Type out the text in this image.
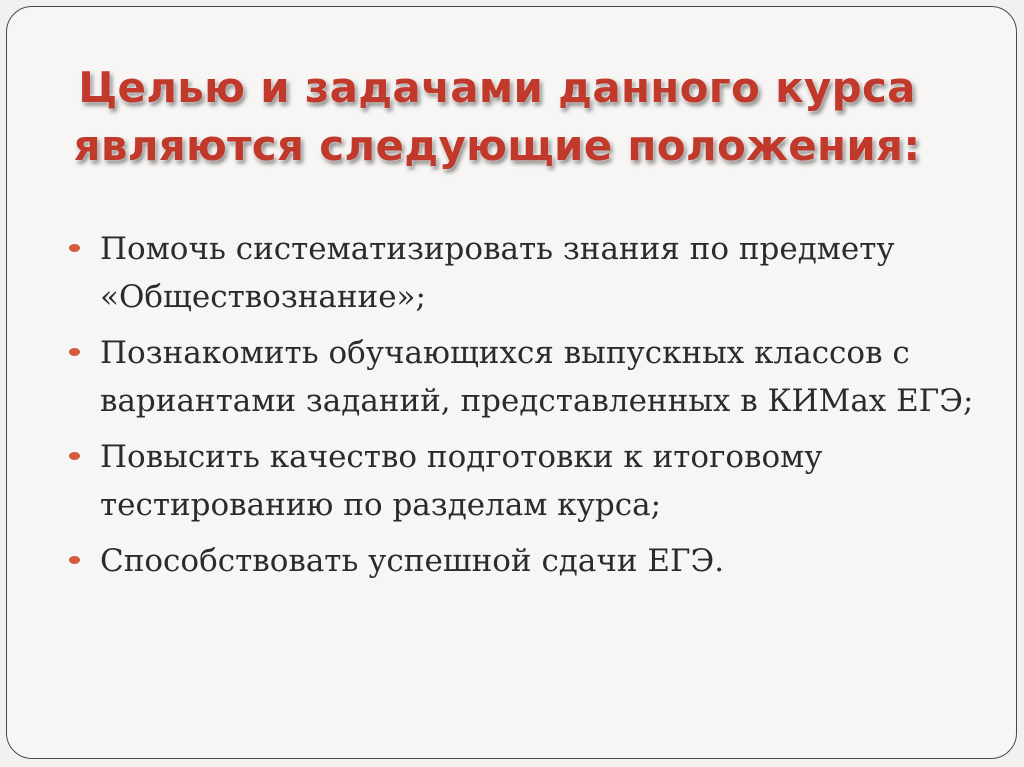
Целью и задачами данного курса
являются следующие положения:
Помочь систематизировать знания по предмету «Обществознание»;
Познакомить обучающихся выпускных классов с вариантами заданий, представленных в КИМах ЕГЭ;
Повысить качество подготовки к итоговому тестированию по разделам курса;
Способствовать успешной сдачи ЕГЭ.
